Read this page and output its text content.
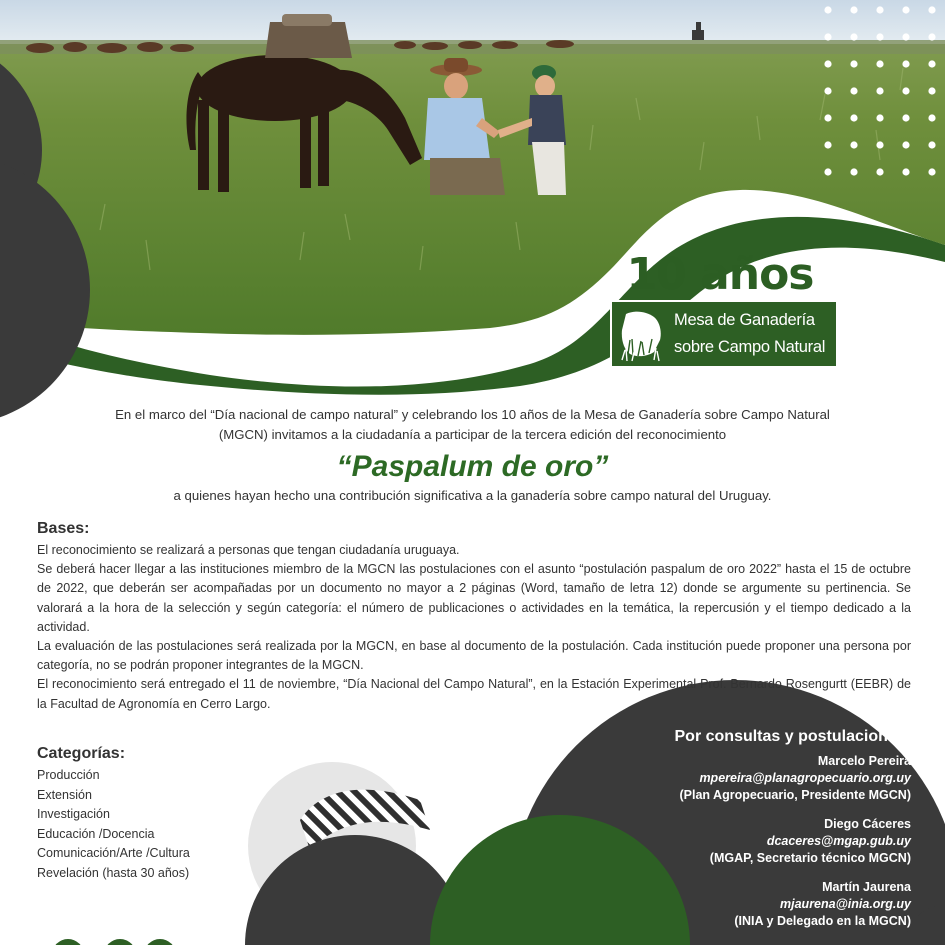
10 años
Mesa de Ganadería
sobre Campo Natural
En el marco del “Día nacional de campo natural” y celebrando los 10 años de la Mesa de Ganadería sobre Campo Natural
(MGCN) invitamos a la ciudadanía a participar de la tercera edición del reconocimiento
“Paspalum de oro”
a quienes hayan hecho una contribución significativa a la ganadería sobre campo natural del Uruguay.
Bases:

El reconocimiento se realizará a personas que tengan ciudadanía uruguaya.

Se deberá hacer llegar a las instituciones miembro de la MGCN las postulaciones con el asunto “postulación paspalum de oro 2022” hasta el 15 de octubre de 2022, que deberán ser acompañadas por un documento no mayor a 2 páginas (Word, tamaño de letra 12) donde se argumente su pertinencia. Se valorará a la hora de la selección y según categoría: el número de publicaciones o actividades en la temática, la repercusión y el tiempo dedicado a la actividad.

La evaluación de las postulaciones será realizada por la MGCN, en base al documento de la postulación. Cada institución puede proponer una persona por categoría, no se podrán proponer integrantes de la MGCN.

El reconocimiento será entregado el 11 de noviembre, “Día Nacional del Campo Natural”, en la Estación Experimental Prof. Bernardo Rosengurtt (EEBR) de la Facultad de Agronomía en Cerro Largo.

Categorías:
Producción
Extensión
Investigación
Educación /Docencia
Comunicación/Arte /Cultura
Revelación (hasta 30 años)
Por consultas y postulaciones:
Marcelo Pereira
mpereira@planagropecuario.org.uy
(Plan Agropecuario, Presidente MGCN)
Diego Cáceres
dcaceres@mgap.gub.uy
(MGAP, Secretario técnico MGCN)
Martín Jaurena
mjaurena@inia.org.uy
(INIA y Delegado en la MGCN)
